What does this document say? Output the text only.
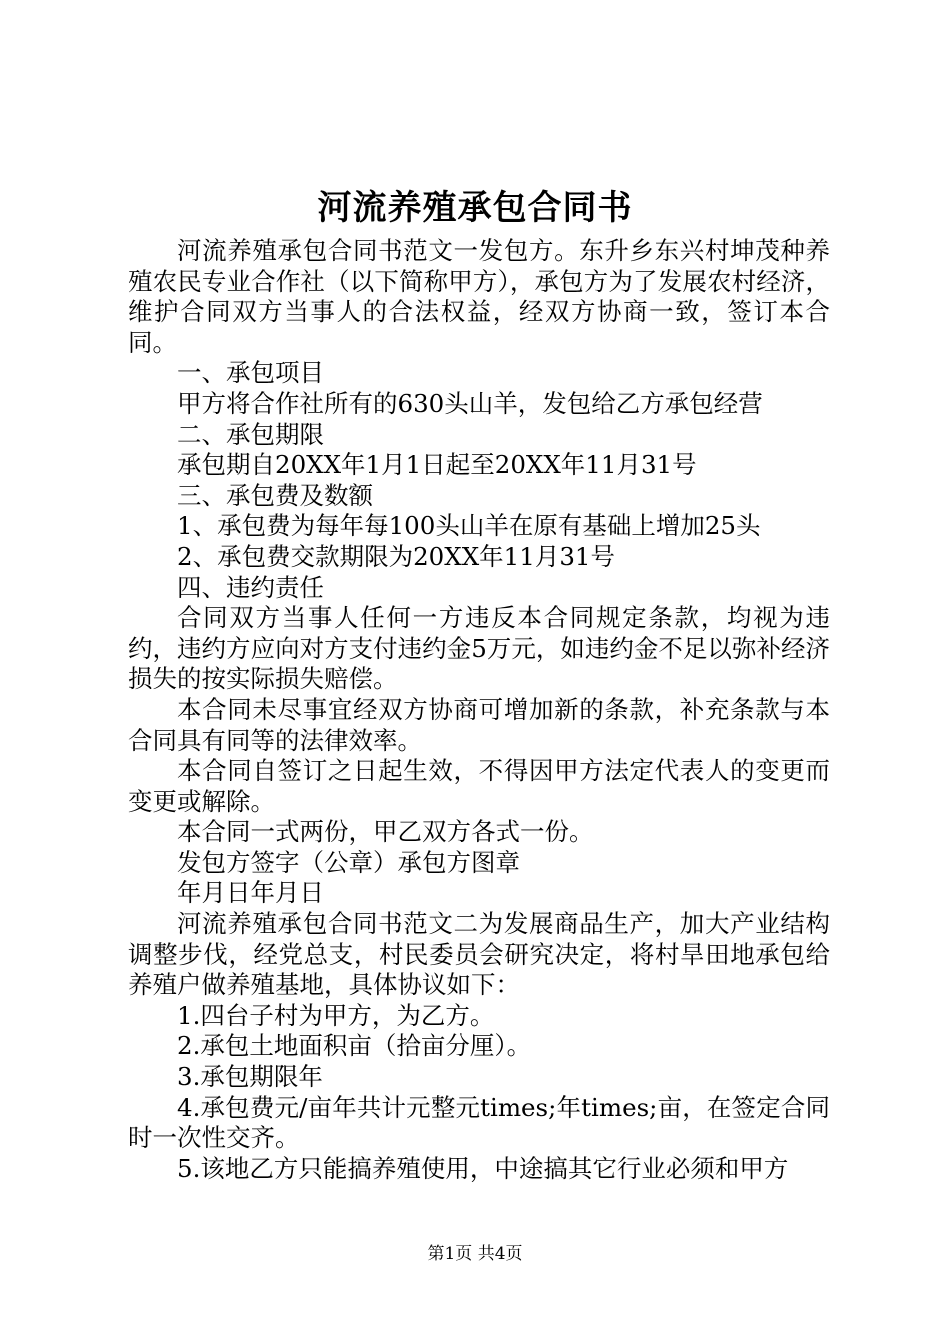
河流养殖承包合同书

河流养殖承包合同书范文一发包方。东升乡东兴村坤茂种养殖农民专业合作社（以下简称甲方），承包方为了发展农村经济，维护合同双方当事人的合法权益，经双方协商一致，签订本合同。

一、承包项目

甲方将合作社所有的630头山羊，发包给乙方承包经营

二、承包期限

承包期自20XX年1月1日起至20XX年11月31号

三、承包费及数额

1、承包费为每年每100头山羊在原有基础上增加25头

2、承包费交款期限为20XX年11月31号

四、违约责任

合同双方当事人任何一方违反本合同规定条款，均视为违约，违约方应向对方支付违约金5万元，如违约金不足以弥补经济损失的按实际损失赔偿。

本合同未尽事宜经双方协商可增加新的条款，补充条款与本合同具有同等的法律效率。

本合同自签订之日起生效，不得因甲方法定代表人的变更而变更或解除。

本合同一式两份，甲乙双方各式一份。

发包方签字（公章）承包方图章

年月日年月日

河流养殖承包合同书范文二为发展商品生产，加大产业结构调整步伐，经党总支，村民委员会研究决定，将村旱田地承包给养殖户做养殖基地，具体协议如下：

1.四台子村为甲方，为乙方。

2.承包土地面积亩（拾亩分厘）。

3.承包期限年

4.承包费元/亩年共计元整元times;年times;亩，在签定合同时一次性交齐。

5.该地乙方只能搞养殖使用，中途搞其它行业必须和甲方

第1页 共4页
